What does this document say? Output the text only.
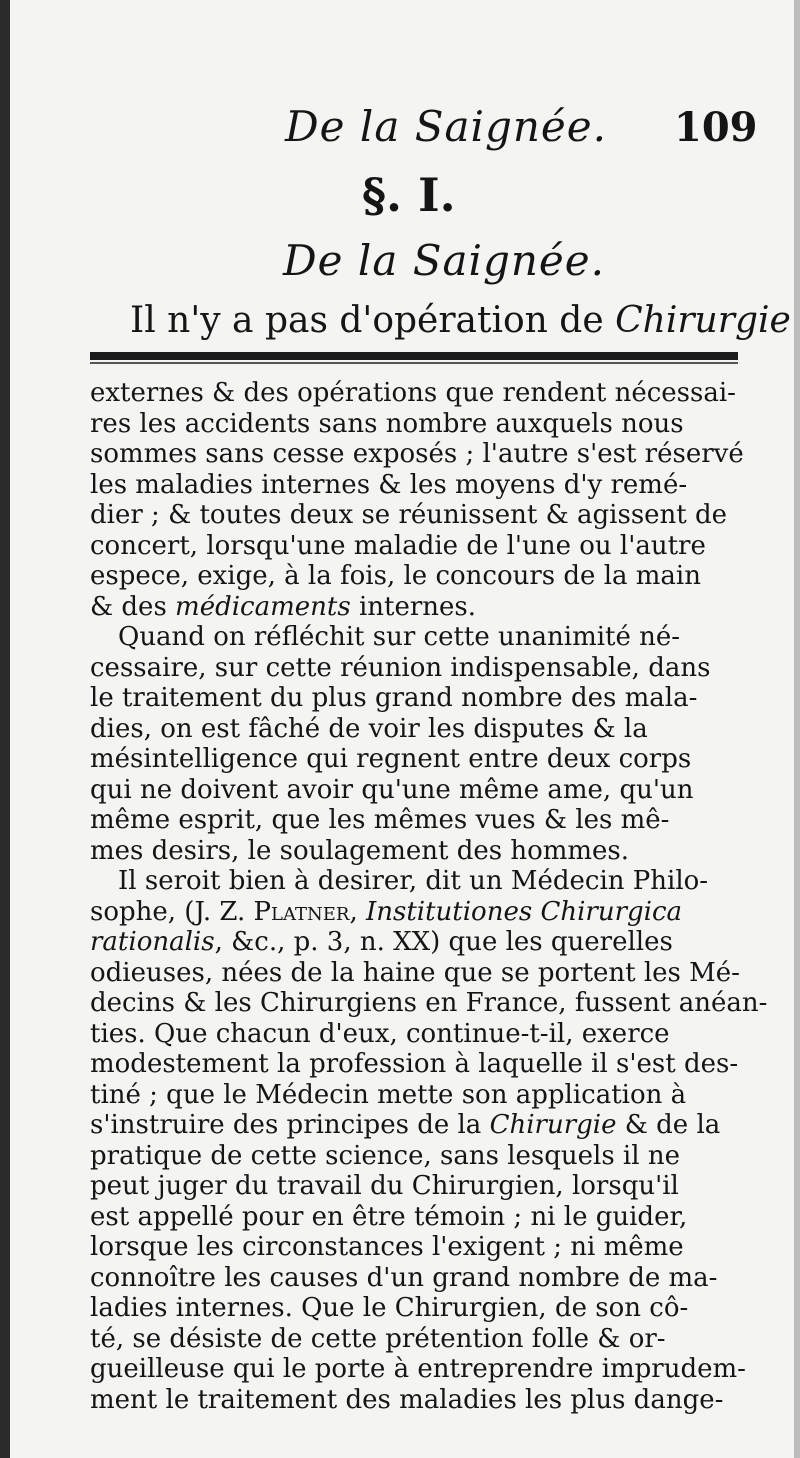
De la Saignée. 109
§. I.
De la Saignée.
Il n'y a pas d'opération de Chirurgie
externes & des opérations que rendent nécessai-
res les accidents sans nombre auxquels nous
sommes sans cesse exposés ; l'autre s'est réservé
les maladies internes & les moyens d'y remé-
dier ; & toutes deux se réunissent & agissent de
concert, lorsqu'une maladie de l'une ou l'autre
espece, exige, à la fois, le concours de la main
& des médicaments internes.
Quand on réfléchit sur cette unanimité né-
cessaire, sur cette réunion indispensable, dans
le traitement du plus grand nombre des mala-
dies, on est fâché de voir les disputes & la
mésintelligence qui regnent entre deux corps
qui ne doivent avoir qu'une même ame, qu'un
même esprit, que les mêmes vues & les mê-
mes desirs, le soulagement des hommes.
Il seroit bien à desirer, dit un Médecin Philo-
sophe, (J. Z. Platner, Institutiones Chirurgica
rationalis, &c., p. 3, n. XX) que les querelles
odieuses, nées de la haine que se portent les Mé-
decins & les Chirurgiens en France, fussent anéan-
ties. Que chacun d'eux, continue-t-il, exerce
modestement la profession à laquelle il s'est des-
tiné ; que le Médecin mette son application à
s'instruire des principes de la Chirurgie & de la
pratique de cette science, sans lesquels il ne
peut juger du travail du Chirurgien, lorsqu'il
est appellé pour en être témoin ; ni le guider,
lorsque les circonstances l'exigent ; ni même
connoître les causes d'un grand nombre de ma-
ladies internes. Que le Chirurgien, de son cô-
té, se désiste de cette prétention folle & or-
gueilleuse qui le porte à entreprendre imprudem-
ment le traitement des maladies les plus dange-
